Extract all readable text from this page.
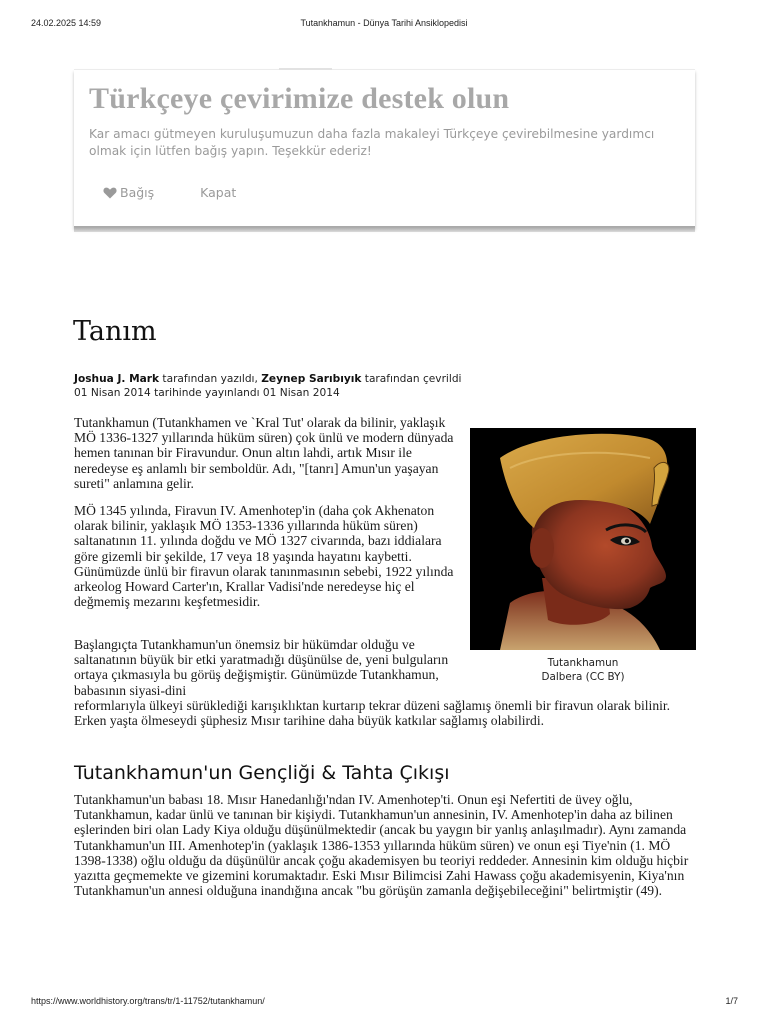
24.02.2025 14:59	Tutankhamun - Dünya Tarihi Ansiklopedisi
Türkçeye çevirimize destek olun
Kar amacı gütmeyen kuruluşumuzun daha fazla makaleyi Türkçeye çevirebilmesine yardımcı olmak için lütfen bağış yapın. Teşekkür ederiz!
Bağış	Kapat
Tanım
Joshua J. Mark tarafından yazıldı, Zeynep Sarıbıyık tarafından çevrildi
01 Nisan 2014 tarihinde yayınlandı 01 Nisan 2014

Tutankhamun (Tutankhamen ve `Kral Tut' olarak da bilinir, yaklaşık MÖ 1336-1327 yıllarında hüküm süren) çok ünlü ve modern dünyada hemen tanınan bir Firavundur. Onun altın lahdi, artık Mısır ile neredeyse eş anlamlı bir semboldür. Adı, "[tanrı] Amun'un yaşayan sureti" anlamına gelir.

MÖ 1345 yılında, Firavun IV. Amenhotep'in (daha çok Akhenaton olarak bilinir, yaklaşık MÖ 1353-1336 yıllarında hüküm süren) saltanatının 11. yılında doğdu ve MÖ 1327 civarında, bazı iddialara göre gizemli bir şekilde, 17 veya 18 yaşında hayatını kaybetti. Günümüzde ünlü bir firavun olarak tanınmasının sebebi, 1922 yılında arkeolog Howard Carter'ın, Krallar Vadisi'nde neredeyse hiç el değmemiş mezarını keşfetmesidir.

Başlangıçta Tutankhamun'un önemsiz bir hükümdar olduğu ve saltanatının büyük bir etki yaratmadığı düşünülse de, yeni bulguların ortaya çıkmasıyla bu görüş değişmiştir. Günümüzde Tutankhamun, babasının siyasi-dini

reformlarıyla ülkeyi sürüklediği karışıklıktan kurtarıp tekrar düzeni sağlamış önemli bir firavun olarak bilinir. Erken yaşta ölmeseydi şüphesiz Mısır tarihine daha büyük katkılar sağlamış olabilirdi.

Tutankhamun
Dalbera (CC BY)
Tutankhamun'un Gençliği & Tahta Çıkışı

Tutankhamun'un babası 18. Mısır Hanedanlığı'ndan IV. Amenhotep'ti. Onun eşi Nefertiti de üvey oğlu, Tutankhamun, kadar ünlü ve tanınan bir kişiydi. Tutankhamun'un annesinin, IV. Amenhotep'in daha az bilinen eşlerinden biri olan Lady Kiya olduğu düşünülmektedir (ancak bu yaygın bir yanlış anlaşılmadır). Aynı zamanda Tutankhamun'un III. Amenhotep'in (yaklaşık 1386-1353 yıllarında hüküm süren) ve onun eşi Tiye'nin (1. MÖ 1398-1338) oğlu olduğu da düşünülür ancak çoğu akademisyen bu teoriyi reddeder. Annesinin kim olduğu hiçbir yazıtta geçmemekte ve gizemini korumaktadır. Eski Mısır Bilimcisi Zahi Hawass çoğu akademisyenin, Kiya'nın Tutankhamun'un annesi olduğuna inandığına ancak "bu görüşün zamanla değişebileceğini" belirtmiştir (49).

https://www.worldhistory.org/trans/tr/1-11752/tutankhamun/	1/7
